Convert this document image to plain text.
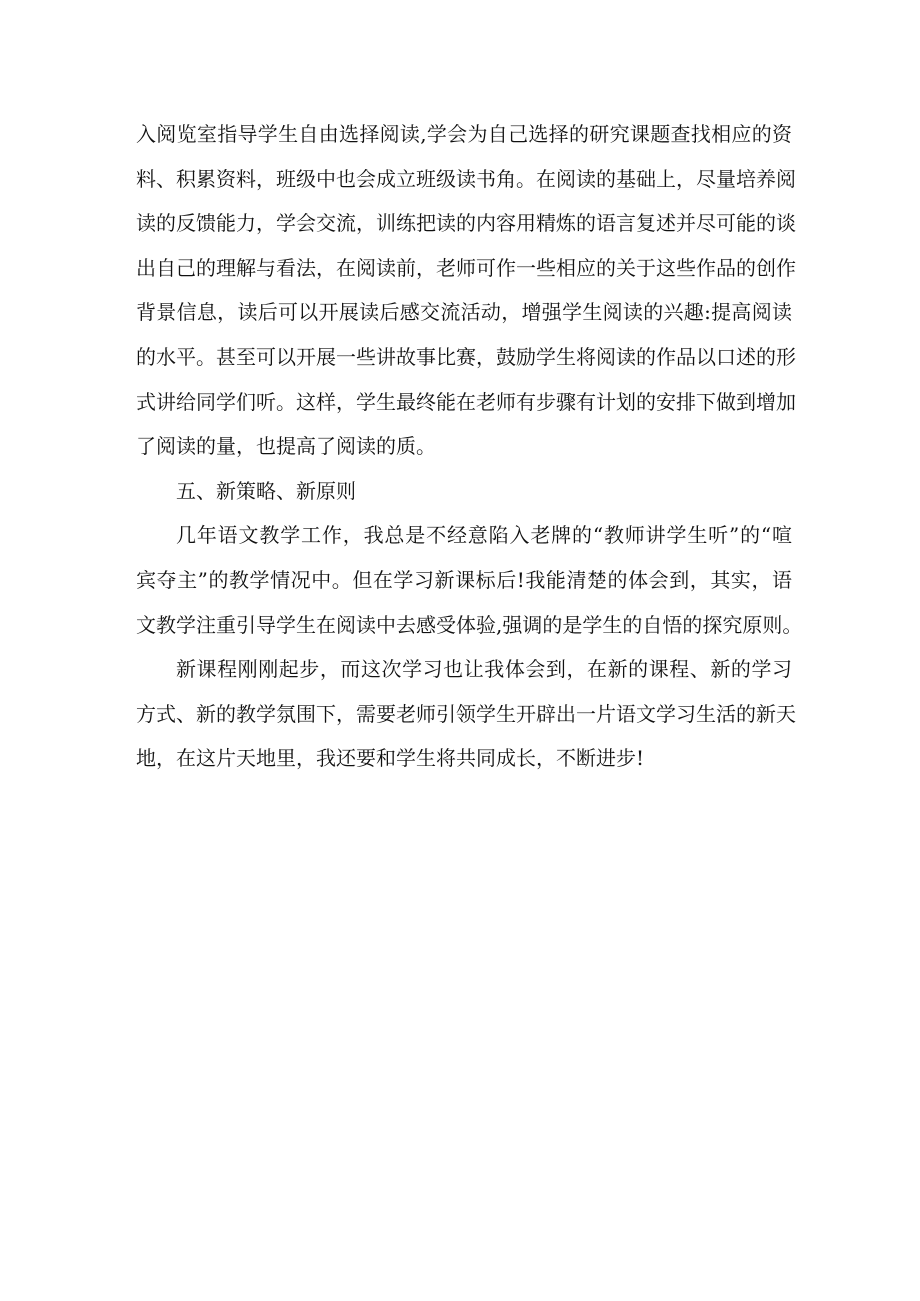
入阅览室指导学生自由选择阅读,学会为自己选择的研究课题查找相应的资
料、积累资料，班级中也会成立班级读书角。在阅读的基础上，尽量培养阅
读的反馈能力，学会交流，训练把读的内容用精炼的语言复述并尽可能的谈
出自己的理解与看法，在阅读前，老师可作一些相应的关于这些作品的创作
背景信息，读后可以开展读后感交流活动，增强学生阅读的兴趣:提高阅读
的水平。甚至可以开展一些讲故事比赛，鼓励学生将阅读的作品以口述的形
式讲给同学们听。这样，学生最终能在老师有步骤有计划的安排下做到增加
了阅读的量，也提高了阅读的质。
五、新策略、新原则
几年语文教学工作，我总是不经意陷入老牌的“教师讲学生听”的“喧
宾夺主”的教学情况中。但在学习新课标后!我能清楚的体会到，其实，语
文教学注重引导学生在阅读中去感受体验,强调的是学生的自悟的探究原则。
新课程刚刚起步，而这次学习也让我体会到，在新的课程、新的学习
方式、新的教学氛围下，需要老师引领学生开辟出一片语文学习生活的新天
地，在这片天地里，我还要和学生将共同成长，不断进步!
